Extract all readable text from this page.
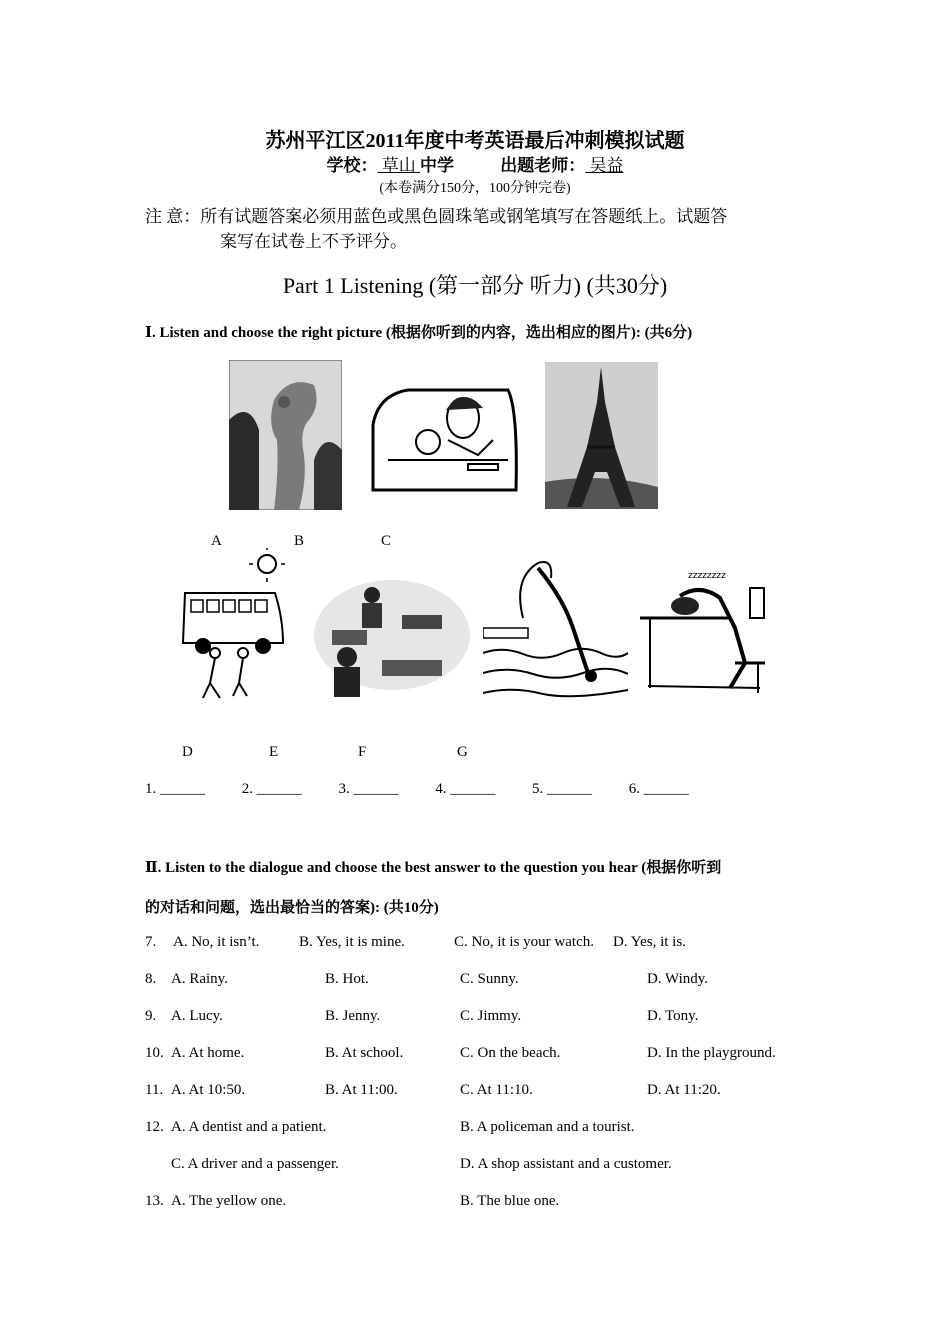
苏州平江区2011年度中考英语最后冲刺模拟试题
学校： 草山 中学	出题老师： 吴益
(本卷满分150分，100分钟完卷)
注 意：所有试题答案必须用蓝色或黑色圆珠笔或钢笔填写在答题纸上。试题答
案写在试卷上不予评分。
Part 1 Listening (第一部分 听力) (共30分)
Ⅰ. Listen and choose the right picture (根据你听到的内容，选出相应的图片): (共6分)
A	B	C
zzzzzzzz
D	E	F	G
1. ______ 2. ______ 3. ______ 4. ______ 5. ______ 6. ______
Ⅱ. Listen to the dialogue and choose the best answer to the question you hear (根据你听到
的对话和问题，选出最恰当的答案): (共10分)
7. A. No, it isn’t.	B. Yes, it is mine.	C. No, it is your watch. D. Yes, it is.
8. A. Rainy.	B. Hot.	C. Sunny.	D. Windy.
9. A. Lucy.	B. Jenny.	C. Jimmy.	D. Tony.
10. A. At home.	B. At school.	C. On the beach.	D. In the playground.
11. A. At 10:50.	B. At 11:00.	C. At 11:10.	D. At 11:20.
12. A. A dentist and a patient.	B. A policeman and a tourist.
C. A driver and a passenger.	D. A shop assistant and a customer.
13. A. The yellow one.	B. The blue one.
